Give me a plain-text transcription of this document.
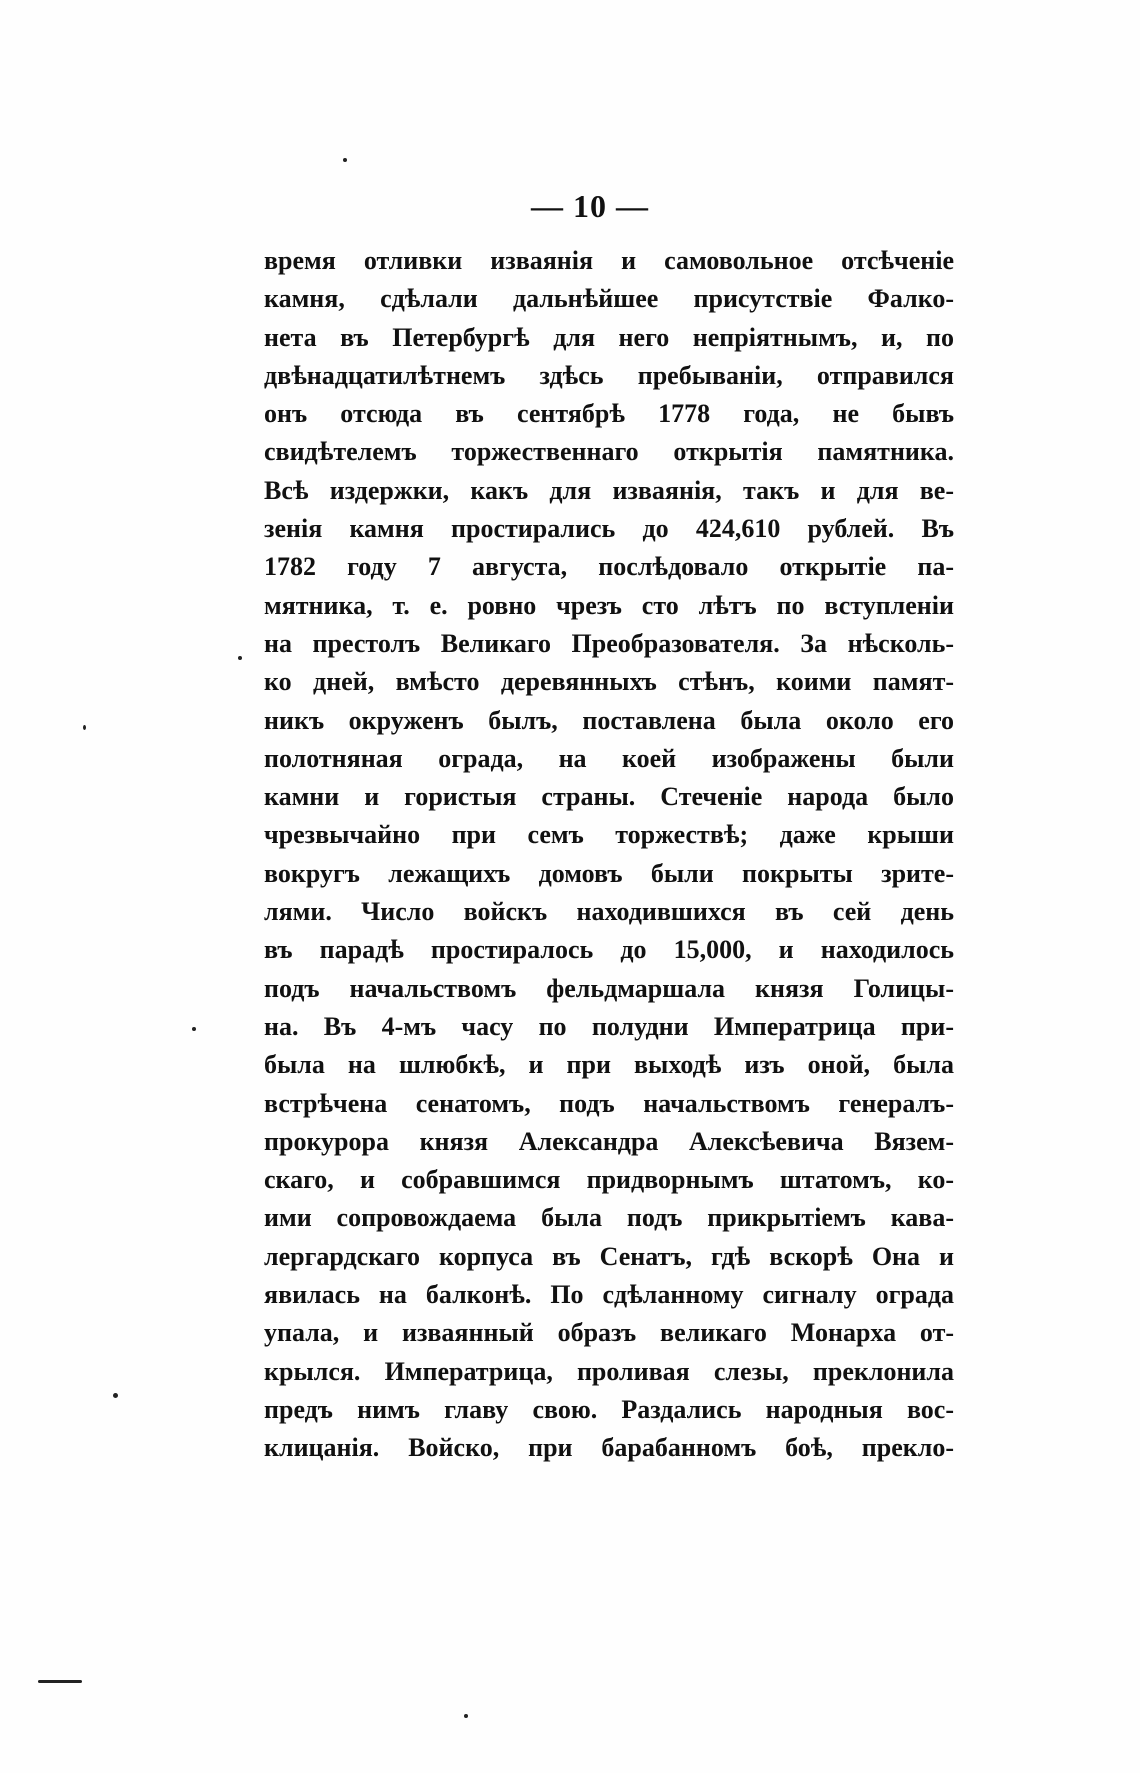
— 10 —
время отливки изваянія и самовольное отсѣченіе
камня, сдѣлали дальнѣйшее присутствіе Фалко-
нета въ Петербургѣ для него непріятнымъ, и, по
двѣнадцатилѣтнемъ здѣсь пребываніи, отправился
онъ отсюда въ сентябрѣ 1778 года, не бывъ
свидѣтелемъ торжественнаго открытія памятника.
Всѣ издержки, какъ для изваянія, такъ и для ве-
зенія камня простирались до 424,610 рублей. Въ
1782 году 7 августа, послѣдовало открытіе па-
мятника, т. е. ровно чрезъ сто лѣтъ по вступленіи
на престолъ Великаго Преобразователя. За нѣсколь-
ко дней, вмѣсто деревянныхъ стѣнъ, коими памят-
никъ окруженъ былъ, поставлена была около его
полотняная ограда, на коей изображены были
камни и гористыя страны. Стеченіе народа было
чрезвычайно при семъ торжествѣ; даже крыши
вокругъ лежащихъ домовъ были покрыты зрите-
лями. Число войскъ находившихся въ сей день
въ парадѣ простиралось до 15,000, и находилось
подъ начальствомъ фельдмаршала князя Голицы-
на. Въ 4-мъ часу по полудни Императрица при-
была на шлюбкѣ, и при выходѣ изъ оной, была
встрѣчена сенатомъ, подъ начальствомъ генералъ-
прокурора князя Александра Алексѣевича Вязем-
скаго, и собравшимся придворнымъ штатомъ, ко-
ими сопровождаема была подъ прикрытіемъ кава-
лергардскаго корпуса въ Сенатъ, гдѣ вскорѣ Она и
явилась на балконѣ. По сдѣланному сигналу ограда
упала, и изваянный образъ великаго Монарха от-
крылся. Императрица, проливая слезы, преклонила
предъ нимъ главу свою. Раздались народныя вос-
клицанія. Войско, при барабанномъ боѣ, прекло-
